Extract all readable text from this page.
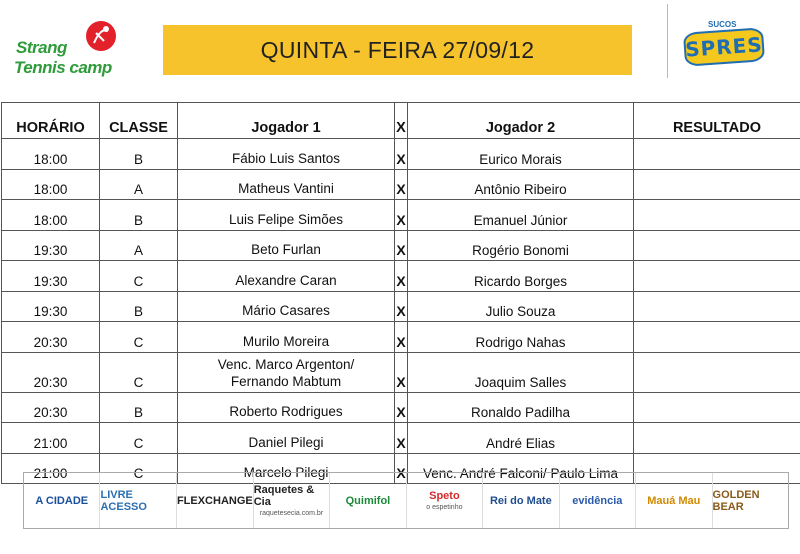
Strang
Tennis camp
QUINTA - FEIRA 27/09/12
SUCOS
SPRES
HORÁRIO	CLASSE	Jogador 1	X	Jogador 2	RESULTADO
18:00	B	Fábio Luis Santos	X	Eurico Morais	
18:00	A	Matheus Vantini	X	Antônio Ribeiro	
18:00	B	Luis Felipe Simões	X	Emanuel Júnior	
19:30	A	Beto Furlan	X	Rogério Bonomi	
19:30	C	Alexandre Caran	X	Ricardo Borges	
19:30	B	Mário Casares	X	Julio Souza	
20:30	C	Murilo Moreira	X	Rodrigo Nahas	
20:30	C	Venc. Marco Argenton/
Fernando Mabtum	X	Joaquim Salles	
20:30	B	Roberto Rodrigues	X	Ronaldo Padilha	
21:00	C	Daniel Pilegi	X	André Elias	
21:00	C	Marcelo Pilegi	X	Venc. André Falconi/ Paulo Lima	
A CIDADE LIVRE ACESSO	FLEXCHANGE
Raquetes & Cia
raquetesecia.com.br
Quimifol	Speto
o espetinho
Rei do Mate evidência Mauá Mau GOLDEN BEAR
